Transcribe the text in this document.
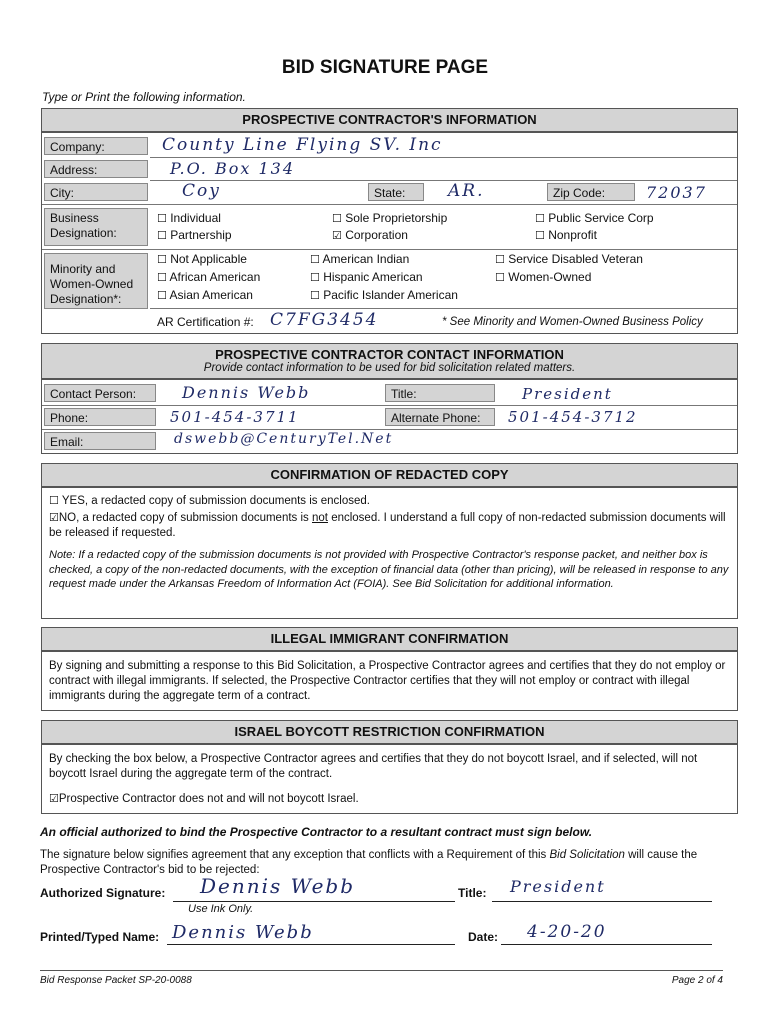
BID SIGNATURE PAGE
Type or Print the following information.
PROSPECTIVE CONTRACTOR'S INFORMATION
Company:	County Line Flying SV. Inc
Address:	P.O. Box 134
City:	Coy	State:	AR.	Zip Code:	72037
Business Designation:
☐ Individual	☐ Sole Proprietorship	☐ Public Service Corp
☐ Partnership	☑ Corporation	☐ Nonprofit
Minority and Women-Owned Designation*:
☐ Not Applicable	☐ American Indian	☐ Service Disabled Veteran
☐ African American	☐ Hispanic American	☐ Women-Owned
☐ Asian American	☐ Pacific Islander American
AR Certification #: C7FG3454	* See Minority and Women-Owned Business Policy
PROSPECTIVE CONTRACTOR CONTACT INFORMATION
Provide contact information to be used for bid solicitation related matters.
Contact Person:	Dennis Webb	Title:	President
Phone:	501-454-3711	Alternate Phone:	501-454-3712
Email:	dswebb@CenturyTel.Net
CONFIRMATION OF REDACTED COPY
☐ YES, a redacted copy of submission documents is enclosed.
☑NO, a redacted copy of submission documents is not enclosed. I understand a full copy of non-redacted submission documents will be released if requested.
Note: If a redacted copy of the submission documents is not provided with Prospective Contractor's response packet, and neither box is checked, a copy of the non-redacted documents, with the exception of financial data (other than pricing), will be released in response to any request made under the Arkansas Freedom of Information Act (FOIA). See Bid Solicitation for additional information.
ILLEGAL IMMIGRANT CONFIRMATION
By signing and submitting a response to this Bid Solicitation, a Prospective Contractor agrees and certifies that they do not employ or contract with illegal immigrants. If selected, the Prospective Contractor certifies that they will not employ or contract with illegal immigrants during the aggregate term of a contract.
ISRAEL BOYCOTT RESTRICTION CONFIRMATION
By checking the box below, a Prospective Contractor agrees and certifies that they do not boycott Israel, and if selected, will not boycott Israel during the aggregate term of the contract.
☑Prospective Contractor does not and will not boycott Israel.
An official authorized to bind the Prospective Contractor to a resultant contract must sign below.
The signature below signifies agreement that any exception that conflicts with a Requirement of this Bid Solicitation will cause the Prospective Contractor's bid to be rejected:
Authorized Signature: Dennis Webb
Use Ink Only.
Title: President
Printed/Typed Name: Dennis Webb	Date: 4-20-20
Bid Response Packet SP-20-0088	Page 2 of 4
